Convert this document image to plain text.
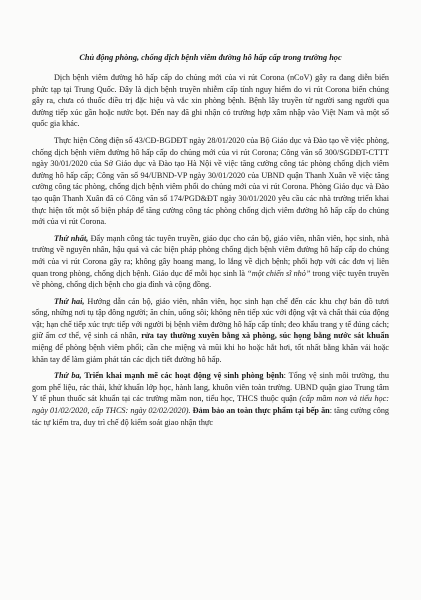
Chủ động phòng, chống dịch bệnh viêm đường hô hấp cấp trong trường học

Dịch bệnh viêm đường hô hấp cấp do chủng mới của vi rút Corona (nCoV) gây ra đang diễn biến phức tạp tại Trung Quốc. Đây là dịch bệnh truyền nhiễm cấp tính nguy hiểm do vi rút Corona biến chủng gây ra, chưa có thuốc điều trị đặc hiệu và vắc xin phòng bệnh. Bệnh lây truyền từ người sang người qua đường tiếp xúc gần hoặc nước bọt. Đến nay đã ghi nhận có trường hợp xâm nhập vào Việt Nam và một số quốc gia khác.

Thực hiện Công điện số 43/CĐ-BGDĐT ngày 28/01/2020 của Bộ Giáo dục và Đào tạo về việc phòng, chống dịch bệnh viêm đường hô hấp cấp do chủng mới của vi rút Corona; Công văn số 300/SGDĐT-CTTT ngày 30/01/2020 của Sở Giáo dục và Đào tạo Hà Nội về việc tăng cường công tác phòng chống dịch viêm đường hô hấp cấp; Công văn số 94/UBND-VP ngày 30/01/2020 của UBND quận Thanh Xuân về việc tăng cường công tác phòng, chống dịch bệnh viêm phổi do chủng mới của vi rút Corona. Phòng Giáo dục và Đào tạo quận Thanh Xuân đã có Công văn số 174/PGD&ĐT ngày 30/01/2020 yêu cầu các nhà trường triển khai thực hiện tốt một số biện pháp để tăng cường công tác phòng chống dịch viêm đường hô hấp cấp do chủng mới của vi rút Corona.

Thứ nhất, Đẩy mạnh công tác tuyên truyền, giáo dục cho cán bộ, giáo viên, nhân viên, học sinh, nhà trường về nguyên nhân, hậu quả và các biện pháp phòng chống dịch bệnh viêm đường hô hấp cấp do chủng mới của vi rút Corona gây ra; không gây hoang mang, lo lắng về dịch bệnh; phối hợp với các đơn vị liên quan trong phòng, chống dịch bệnh. Giáo dục để mỗi học sinh là “một chiến sĩ nhỏ” trong việc tuyên truyền về phòng, chống dịch bệnh cho gia đình và cộng đồng.

Thứ hai, Hướng dẫn cán bộ, giáo viên, nhân viên, học sinh hạn chế đến các khu chợ bán đồ tươi sống, những nơi tụ tập đông người; ăn chín, uống sôi; không nên tiếp xúc với động vật và chất thải của động vật; hạn chế tiếp xúc trực tiếp với người bị bệnh viêm đường hô hấp cấp tính; đeo khẩu trang y tế đúng cách; giữ ấm cơ thể, vệ sinh cá nhân, rửa tay thường xuyên bằng xà phòng, súc họng bằng nước sát khuẩn miệng để phòng bệnh viêm phổi; cần che miệng và mũi khi ho hoặc hắt hơi, tốt nhất bằng khăn vải hoặc khăn tay để làm giảm phát tán các dịch tiết đường hô hấp.

Thứ ba, Triển khai mạnh mẽ các hoạt động vệ sinh phòng bệnh: Tổng vệ sinh môi trường, thu gom phế liệu, rác thải, khử khuẩn lớp học, hành lang, khuôn viên toàn trường. UBND quận giao Trung tâm Y tế phun thuốc sát khuẩn tại các trường mầm non, tiểu học, THCS thuộc quận (cấp mầm non và tiểu học: ngày 01/02/2020, cấp THCS: ngày 02/02/2020). Đảm bảo an toàn thực phẩm tại bếp ăn: tăng cường công tác tự kiểm tra, duy trì chế độ kiểm soát giao nhận thực
